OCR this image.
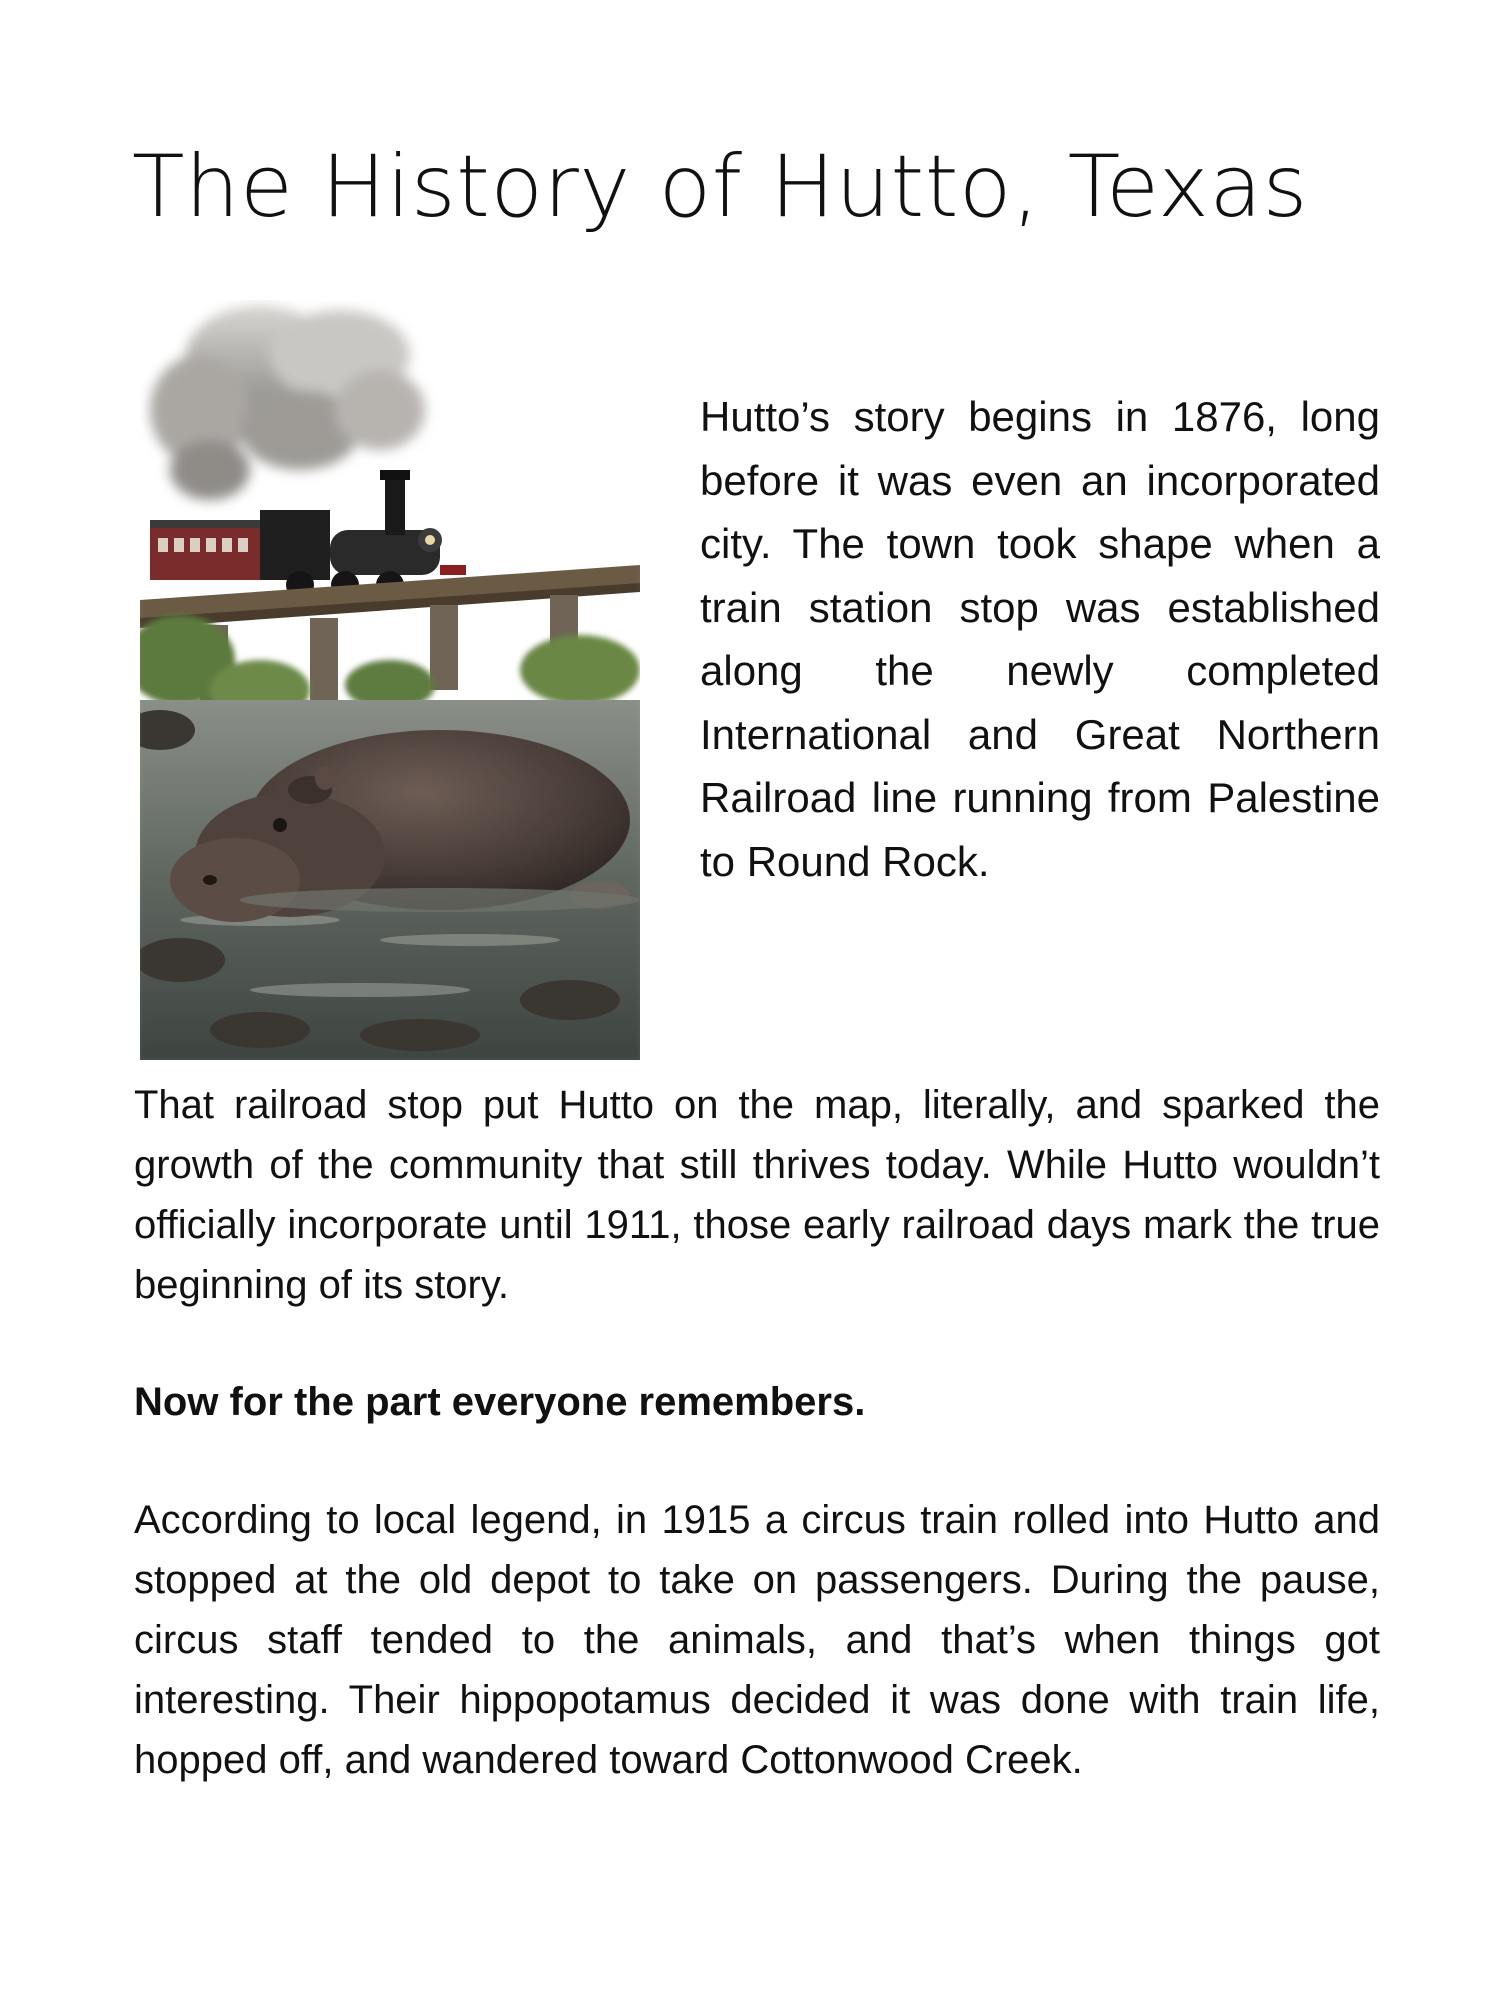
The History of Hutto, Texas

Hutto’s story begins in 1876, long before it was even an incorporated city. The town took shape when a train station stop was established along the newly completed International and Great Northern Railroad line running from Palestine to Round Rock.

That railroad stop put Hutto on the map, literally, and sparked the growth of the community that still thrives today. While Hutto wouldn’t officially incorporate until 1911, those early railroad days mark the true beginning of its story.

Now for the part everyone remembers.

According to local legend, in 1915 a circus train rolled into Hutto and stopped at the old depot to take on passengers. During the pause, circus staff tended to the animals, and that’s when things got interesting. Their hippopotamus decided it was done with train life, hopped off, and wandered toward Cottonwood Creek.
